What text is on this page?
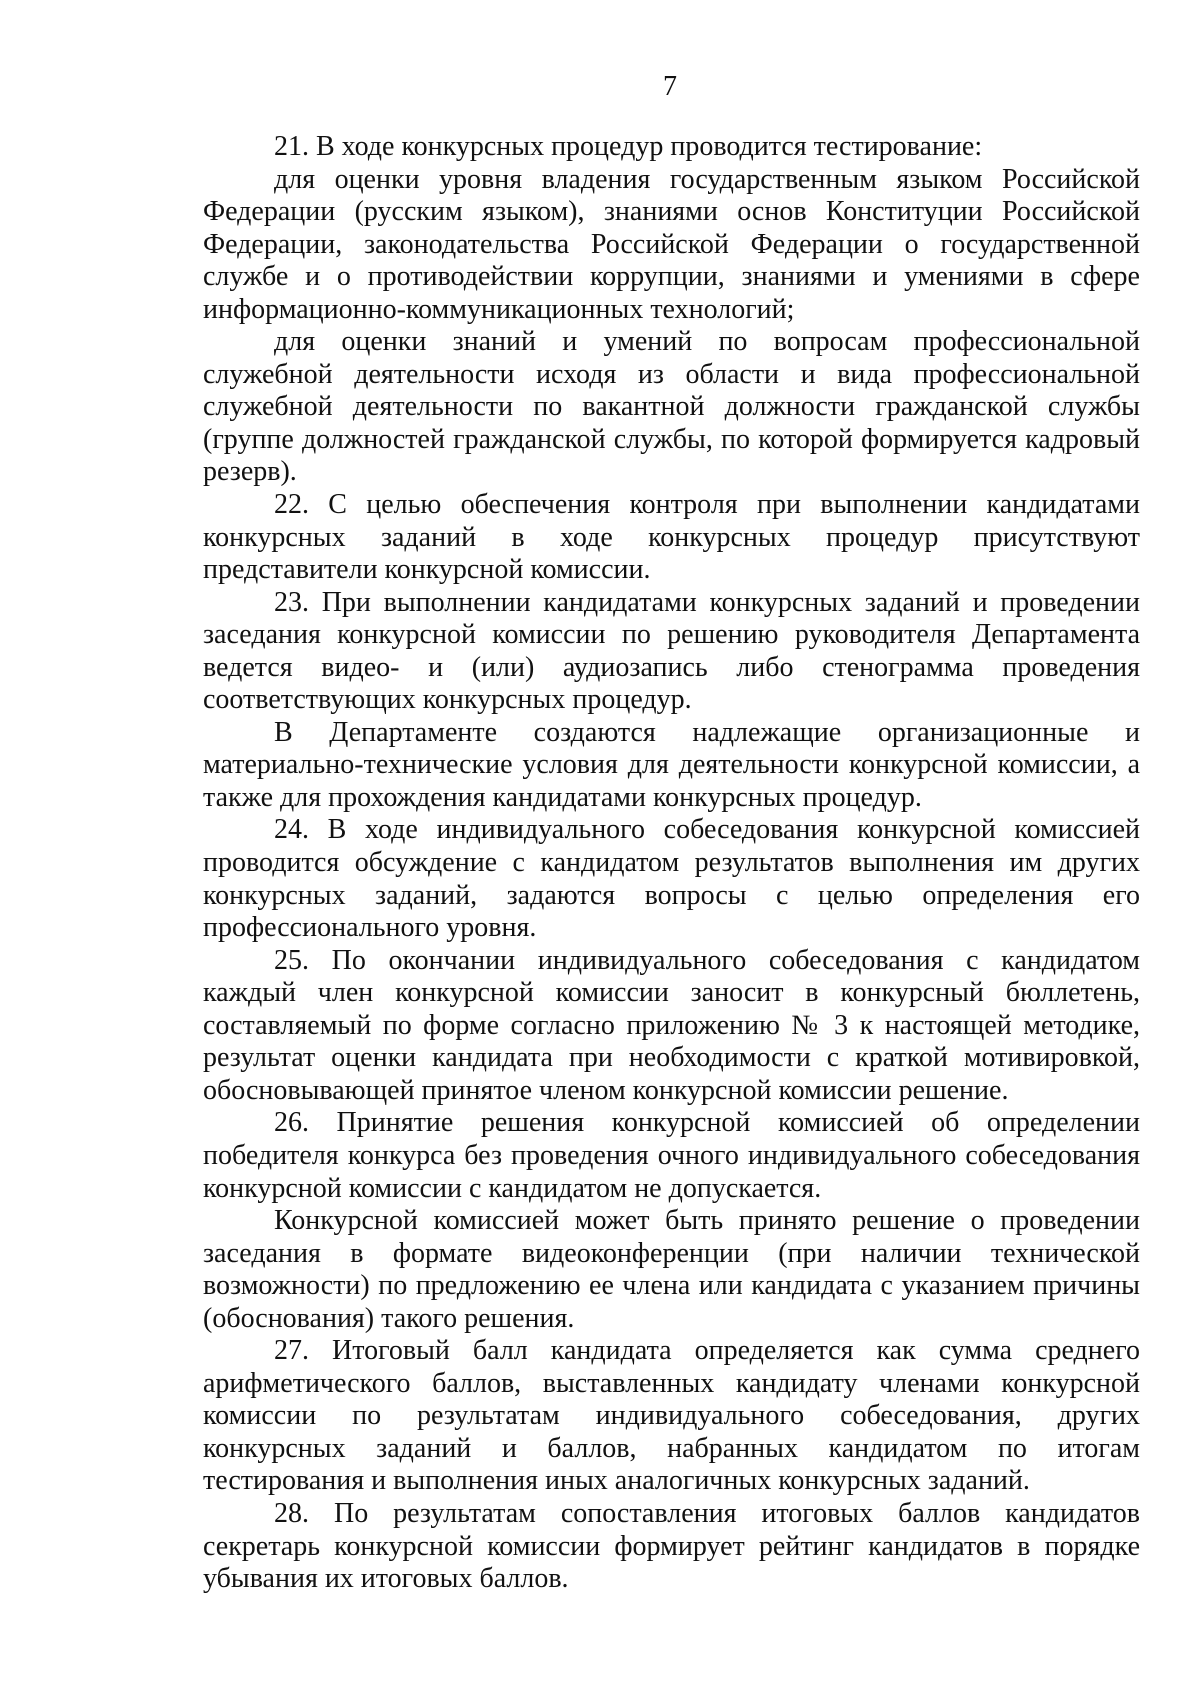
7

21. В ходе конкурсных процедур проводится тестирование:

для оценки уровня владения государственным языком Российской Федерации (русским языком), знаниями основ Конституции Российской Федерации, законодательства Российской Федерации о государственной службе и о противодействии коррупции, знаниями и умениями в сфере информационно-коммуникационных технологий;

для оценки знаний и умений по вопросам профессиональной служебной деятельности исходя из области и вида профессиональной служебной деятельности по вакантной должности гражданской службы (группе должностей гражданской службы, по которой формируется кадровый резерв).

22. С целью обеспечения контроля при выполнении кандидатами конкурсных заданий в ходе конкурсных процедур присутствуют представители конкурсной комиссии.

23. При выполнении кандидатами конкурсных заданий и проведении заседания конкурсной комиссии по решению руководителя Департамента ведется видео- и (или) аудиозапись либо стенограмма проведения соответствующих конкурсных процедур.

В Департаменте создаются надлежащие организационные и материально-технические условия для деятельности конкурсной комиссии, а также для прохождения кандидатами конкурсных процедур.

24. В ходе индивидуального собеседования конкурсной комиссией проводится обсуждение с кандидатом результатов выполнения им других конкурсных заданий, задаются вопросы с целью определения его профессионального уровня.

25. По окончании индивидуального собеседования с кандидатом каждый член конкурсной комиссии заносит в конкурсный бюллетень, составляемый по форме согласно приложению № 3 к настоящей методике, результат оценки кандидата при необходимости с краткой мотивировкой, обосновывающей принятое членом конкурсной комиссии решение.

26. Принятие решения конкурсной комиссией об определении победителя конкурса без проведения очного индивидуального собеседования конкурсной комиссии с кандидатом не допускается.

Конкурсной комиссией может быть принято решение о проведении заседания в формате видеоконференции (при наличии технической возможности) по предложению ее члена или кандидата с указанием причины (обоснования) такого решения.

27. Итоговый балл кандидата определяется как сумма среднего арифметического баллов, выставленных кандидату членами конкурсной комиссии по результатам индивидуального собеседования, других конкурсных заданий и баллов, набранных кандидатом по итогам тестирования и выполнения иных аналогичных конкурсных заданий.

28. По результатам сопоставления итоговых баллов кандидатов секретарь конкурсной комиссии формирует рейтинг кандидатов в порядке убывания их итоговых баллов.
